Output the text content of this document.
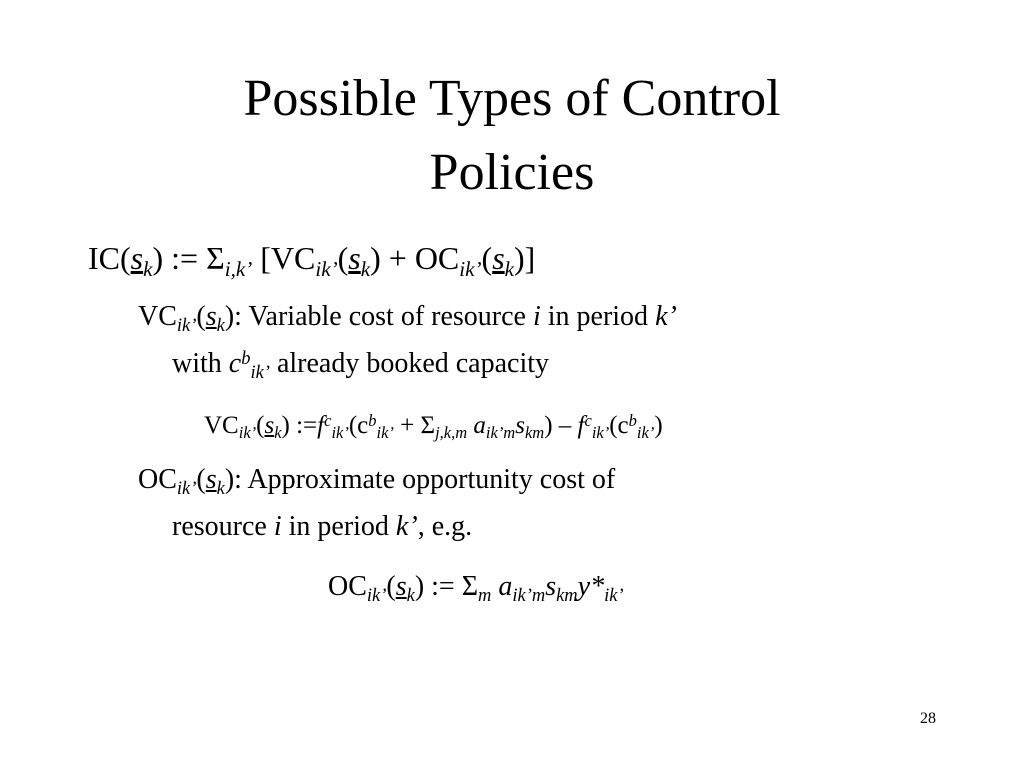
Possible Types of Control
Policies
$IC(s_k)$ := $\Sigma_{i,k’}$ $[VC_{ik’}(s_k) + OC_{ik’}(s_k)]$
$VC_{ik’}(s_k)$: Variable cost of resource i in period k’
with $c^b_{ik’}$ already booked capacity
$VC_{ik’}(s_k)$ $:=f^c_{ik’}(c^b_{ik’} + \Sigma_{j,k,m}$ $a_{ik’m}s_{km}) - f^c_{ik’}(c^b_{ik’})$
$OC_{ik’}(s_k)$: Approximate opportunity cost of
resource i in period k’, e.g.
$OC_{ik’}(s_k)$ := $\Sigma_m$ $a_{ik’m}s_{km}y*_{ik’}$
28
